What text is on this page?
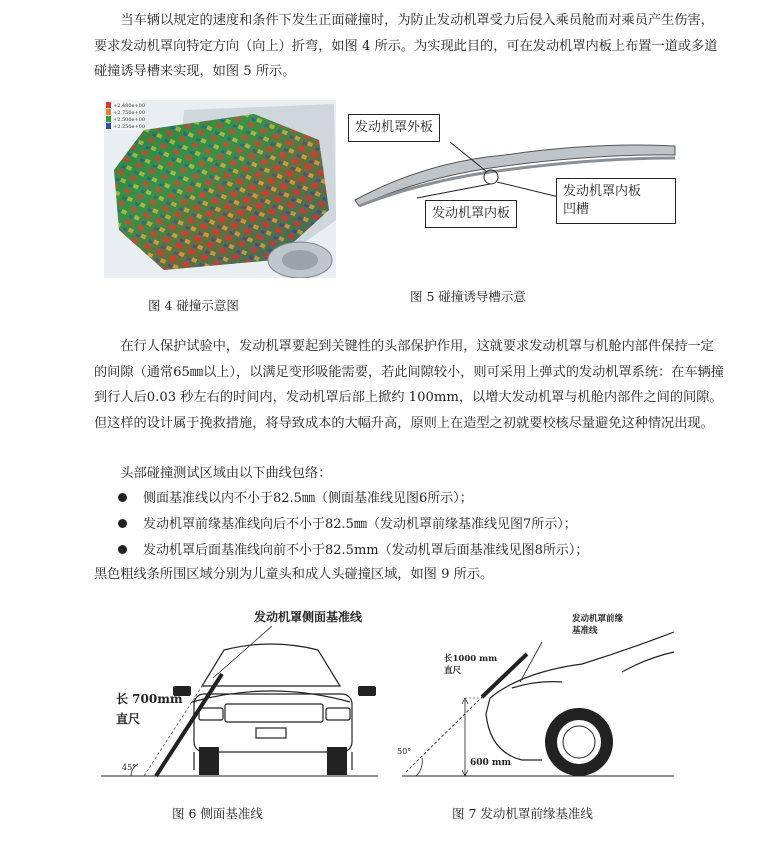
当车辆以规定的速度和条件下发生正面碰撞时，为防止发动机罩受力后侵入乘员舱而对乘员产生伤害，要求发动机罩向特定方向（向上）折弯，如图 4 所示。为实现此目的，可在发动机罩内板上布置一道或多道碰撞诱导槽来实现，如图 5 所示。

+2.480e+00
+2.750e+00
+2.500e+00
+2.250e+00	发动机罩外板
发动机罩内板
发动机罩内板
凹槽
图 4 碰撞示意图
图 5 碰撞诱导槽示意

在行人保护试验中，发动机罩要起到关键性的头部保护作用，这就要求发动机罩与机舱内部件保持一定的间隙（通常65㎜以上），以满足变形吸能需要，若此间隙较小，则可采用上弹式的发动机罩系统：在车辆撞到行人后0.03 秒左右的时间内，发动机罩后部上掀约 100mm，以增大发动机罩与机舱内部件之间的间隙。但这样的设计属于挽救措施，将导致成本的大幅升高，原则上在造型之初就要校核尽量避免这种情况出现。

头部碰撞测试区域由以下曲线包络：

侧面基准线以内不小于82.5㎜（侧面基准线见图6所示）；
发动机罩前缘基准线向后不小于82.5㎜（发动机罩前缘基准线见图7所示）；
发动机罩后面基准线向前不小于82.5mm（发动机罩后面基准线见图8所示）；

黑色粗线条所围区域分别为儿童头和成人头碰撞区域，如图 9 所示。

45°
发动机罩侧面基准线
长 700mm
直尺
50°
发动机罩前缘
基准线
长1000 mm
直尺
600 mm
图 6 侧面基准线	图 7 发动机罩前缘基准线
